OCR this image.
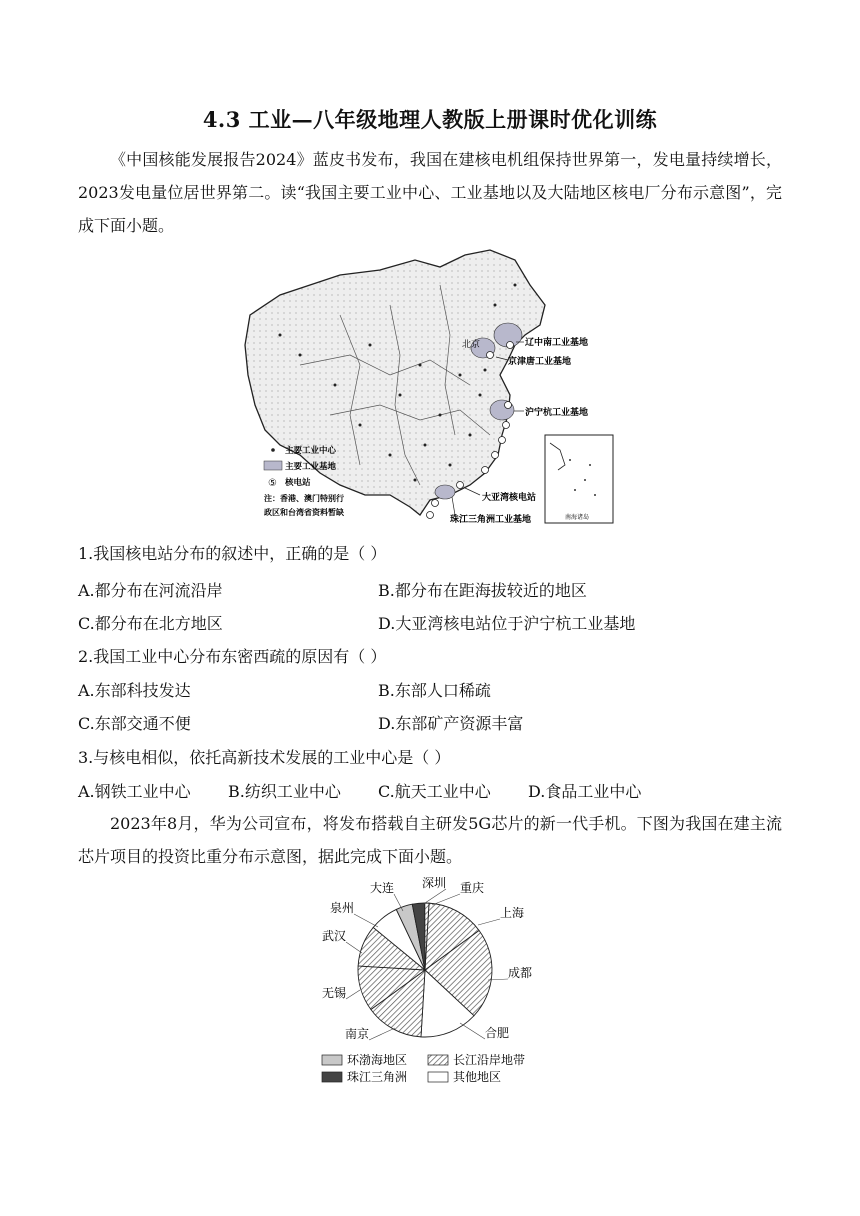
4.3 工业—八年级地理人教版上册课时优化训练

《中国核能发展报告2024》蓝皮书发布，我国在建核电机组保持世界第一，发电量持续增长，2023发电量位居世界第二。读“我国主要工业中心、工业基地以及大陆地区核电厂分布示意图”，完成下面小题。

北京	辽中南工业基地
京津唐工业基地
沪宁杭工业基地
大亚湾核电站
珠江三角洲工业基地	南海诸岛
主要工业中心
主要工业基地
⑤ 核电站
注：香港、澳门特别行
政区和台湾省资料暂缺
1.我国核电站分布的叙述中，正确的是（ ）
A.都分布在河流沿岸	B.都分布在距海拔较近的地区
C.都分布在北方地区	D.大亚湾核电站位于沪宁杭工业基地
2.我国工业中心分布东密西疏的原因有（ ）
A.东部科技发达	B.东部人口稀疏
C.东部交通不便	D.东部矿产资源丰富
3.与核电相似，依托高新技术发展的工业中心是（ ）
A.钢铁工业中心 B.纺织工业中心 C.航天工业中心 D.食品工业中心

2023年8月，华为公司宣布，将发布搭载自主研发5G芯片的新一代手机。下图为我国在建主流芯片项目的投资比重分布示意图，据此完成下面小题。

上海
成都
合肥
南京
无锡
武汉
泉州
大连 深圳 重庆
环渤海地区	长江沿岸地带
珠江三角洲	其他地区
